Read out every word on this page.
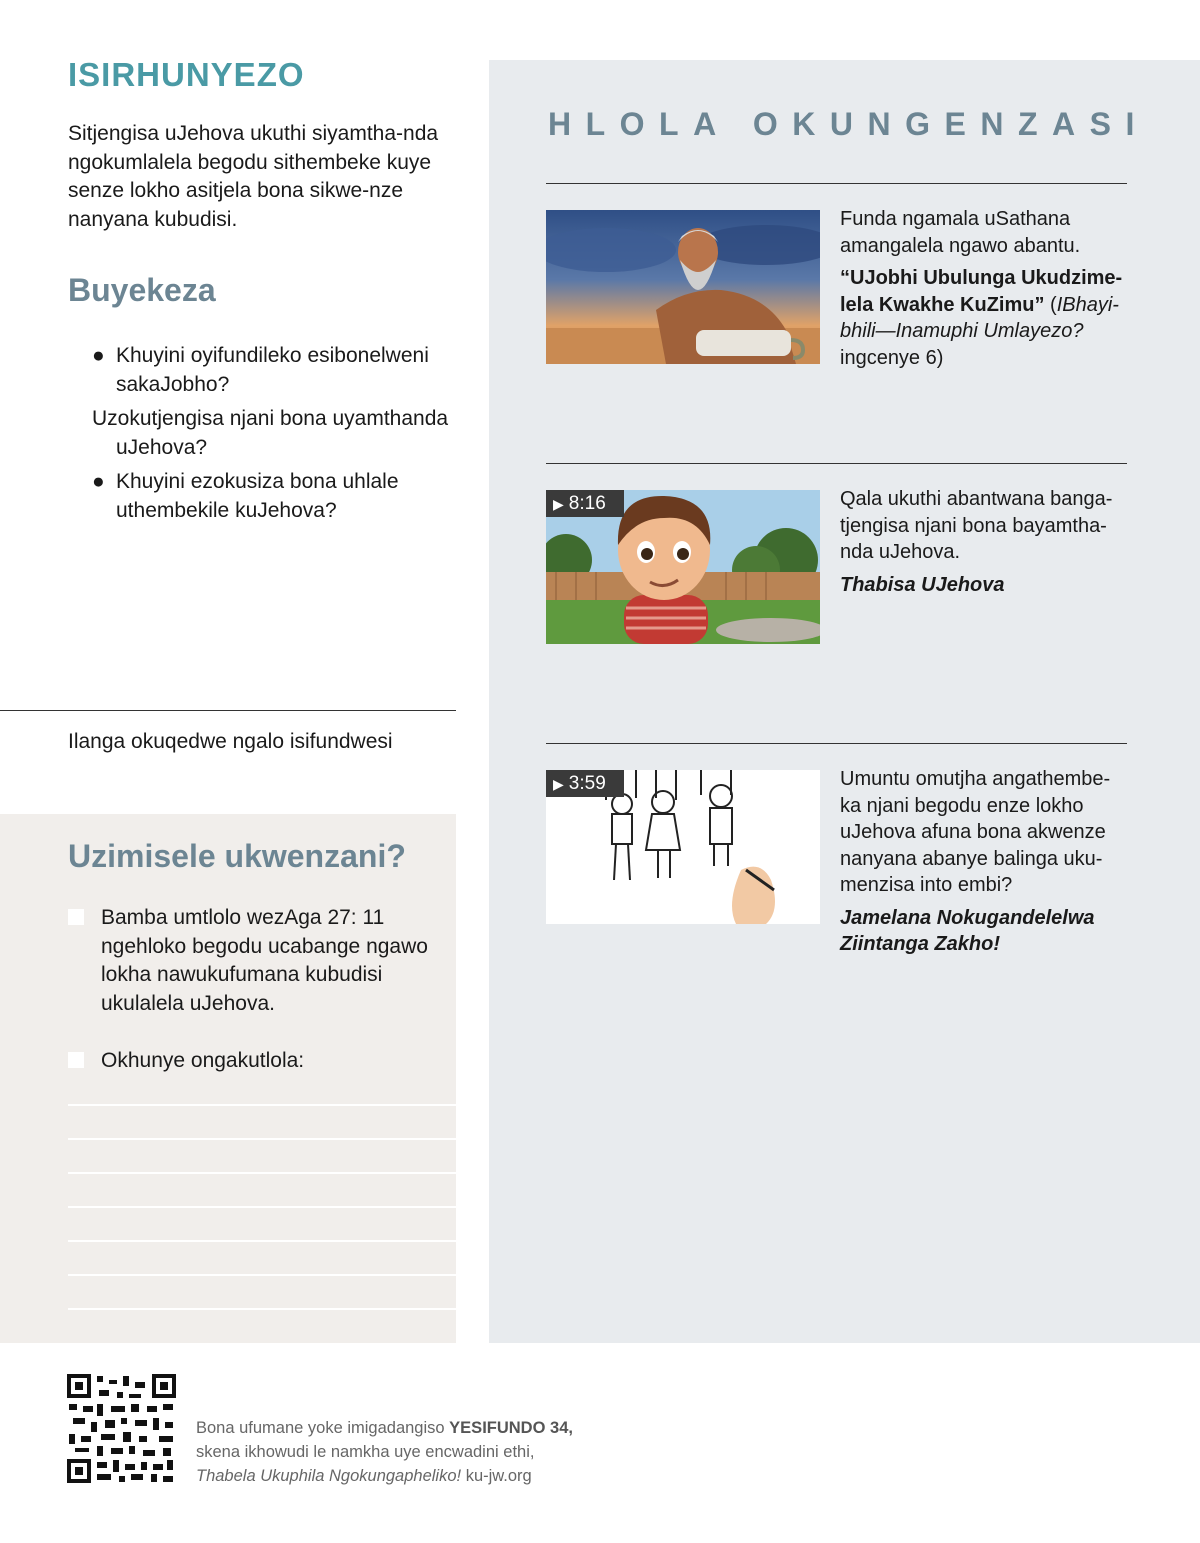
ISIRHUNYEZO
Sitjengisa uJehova ukuthi siyamtha-nda ngokumlalela begodu sithembeke kuye senze lokho asitjela bona sikwe-nze nanyana kubudisi.
Buyekeza
● Khuyini oyifundileko esibonelweni sakaJobho?
Uzokutjengisa njani bona uyamthanda uJehova?
● Khuyini ezokusiza bona uhlale uthembekile kuJehova?
Ilanga okuqedwe ngalo isifundwesi
Uzimisele ukwenzani?
Bamba umtlolo wezAga 27: 11 ngehloko begodu ucabange ngawo lokha nawukufumana kubudisi ukulalela uJehova.
Okhunye ongakutlola:
HLOLA OKUNGENZASI
Funda ngamala uSathana amangalela ngawo abantu.
“UJobhi Ubulunga Ukudzime-lela Kwakhe KuZimu” (IBhayi-bhili—Inamuphi Umlayezo? ingcenye 6)
▶ 8:16	Qala ukuthi abantwana banga-tjengisa njani bona bayamtha-nda uJehova.
Thabisa UJehova
▶ 3:59	Umuntu omutjha angathembe-ka njani begodu enze lokho uJehova afuna bona akwenze nanyana abanye balinga uku-menzisa into embi?
Jamelana Nokugandelelwa Ziintanga Zakho!
Bona ufumane yoke imigadangiso YESIFUNDO 34,
skena ikhowudi le namkha uye encwadini ethi,
Thabela Ukuphila Ngokungapheliko! ku-jw.org
